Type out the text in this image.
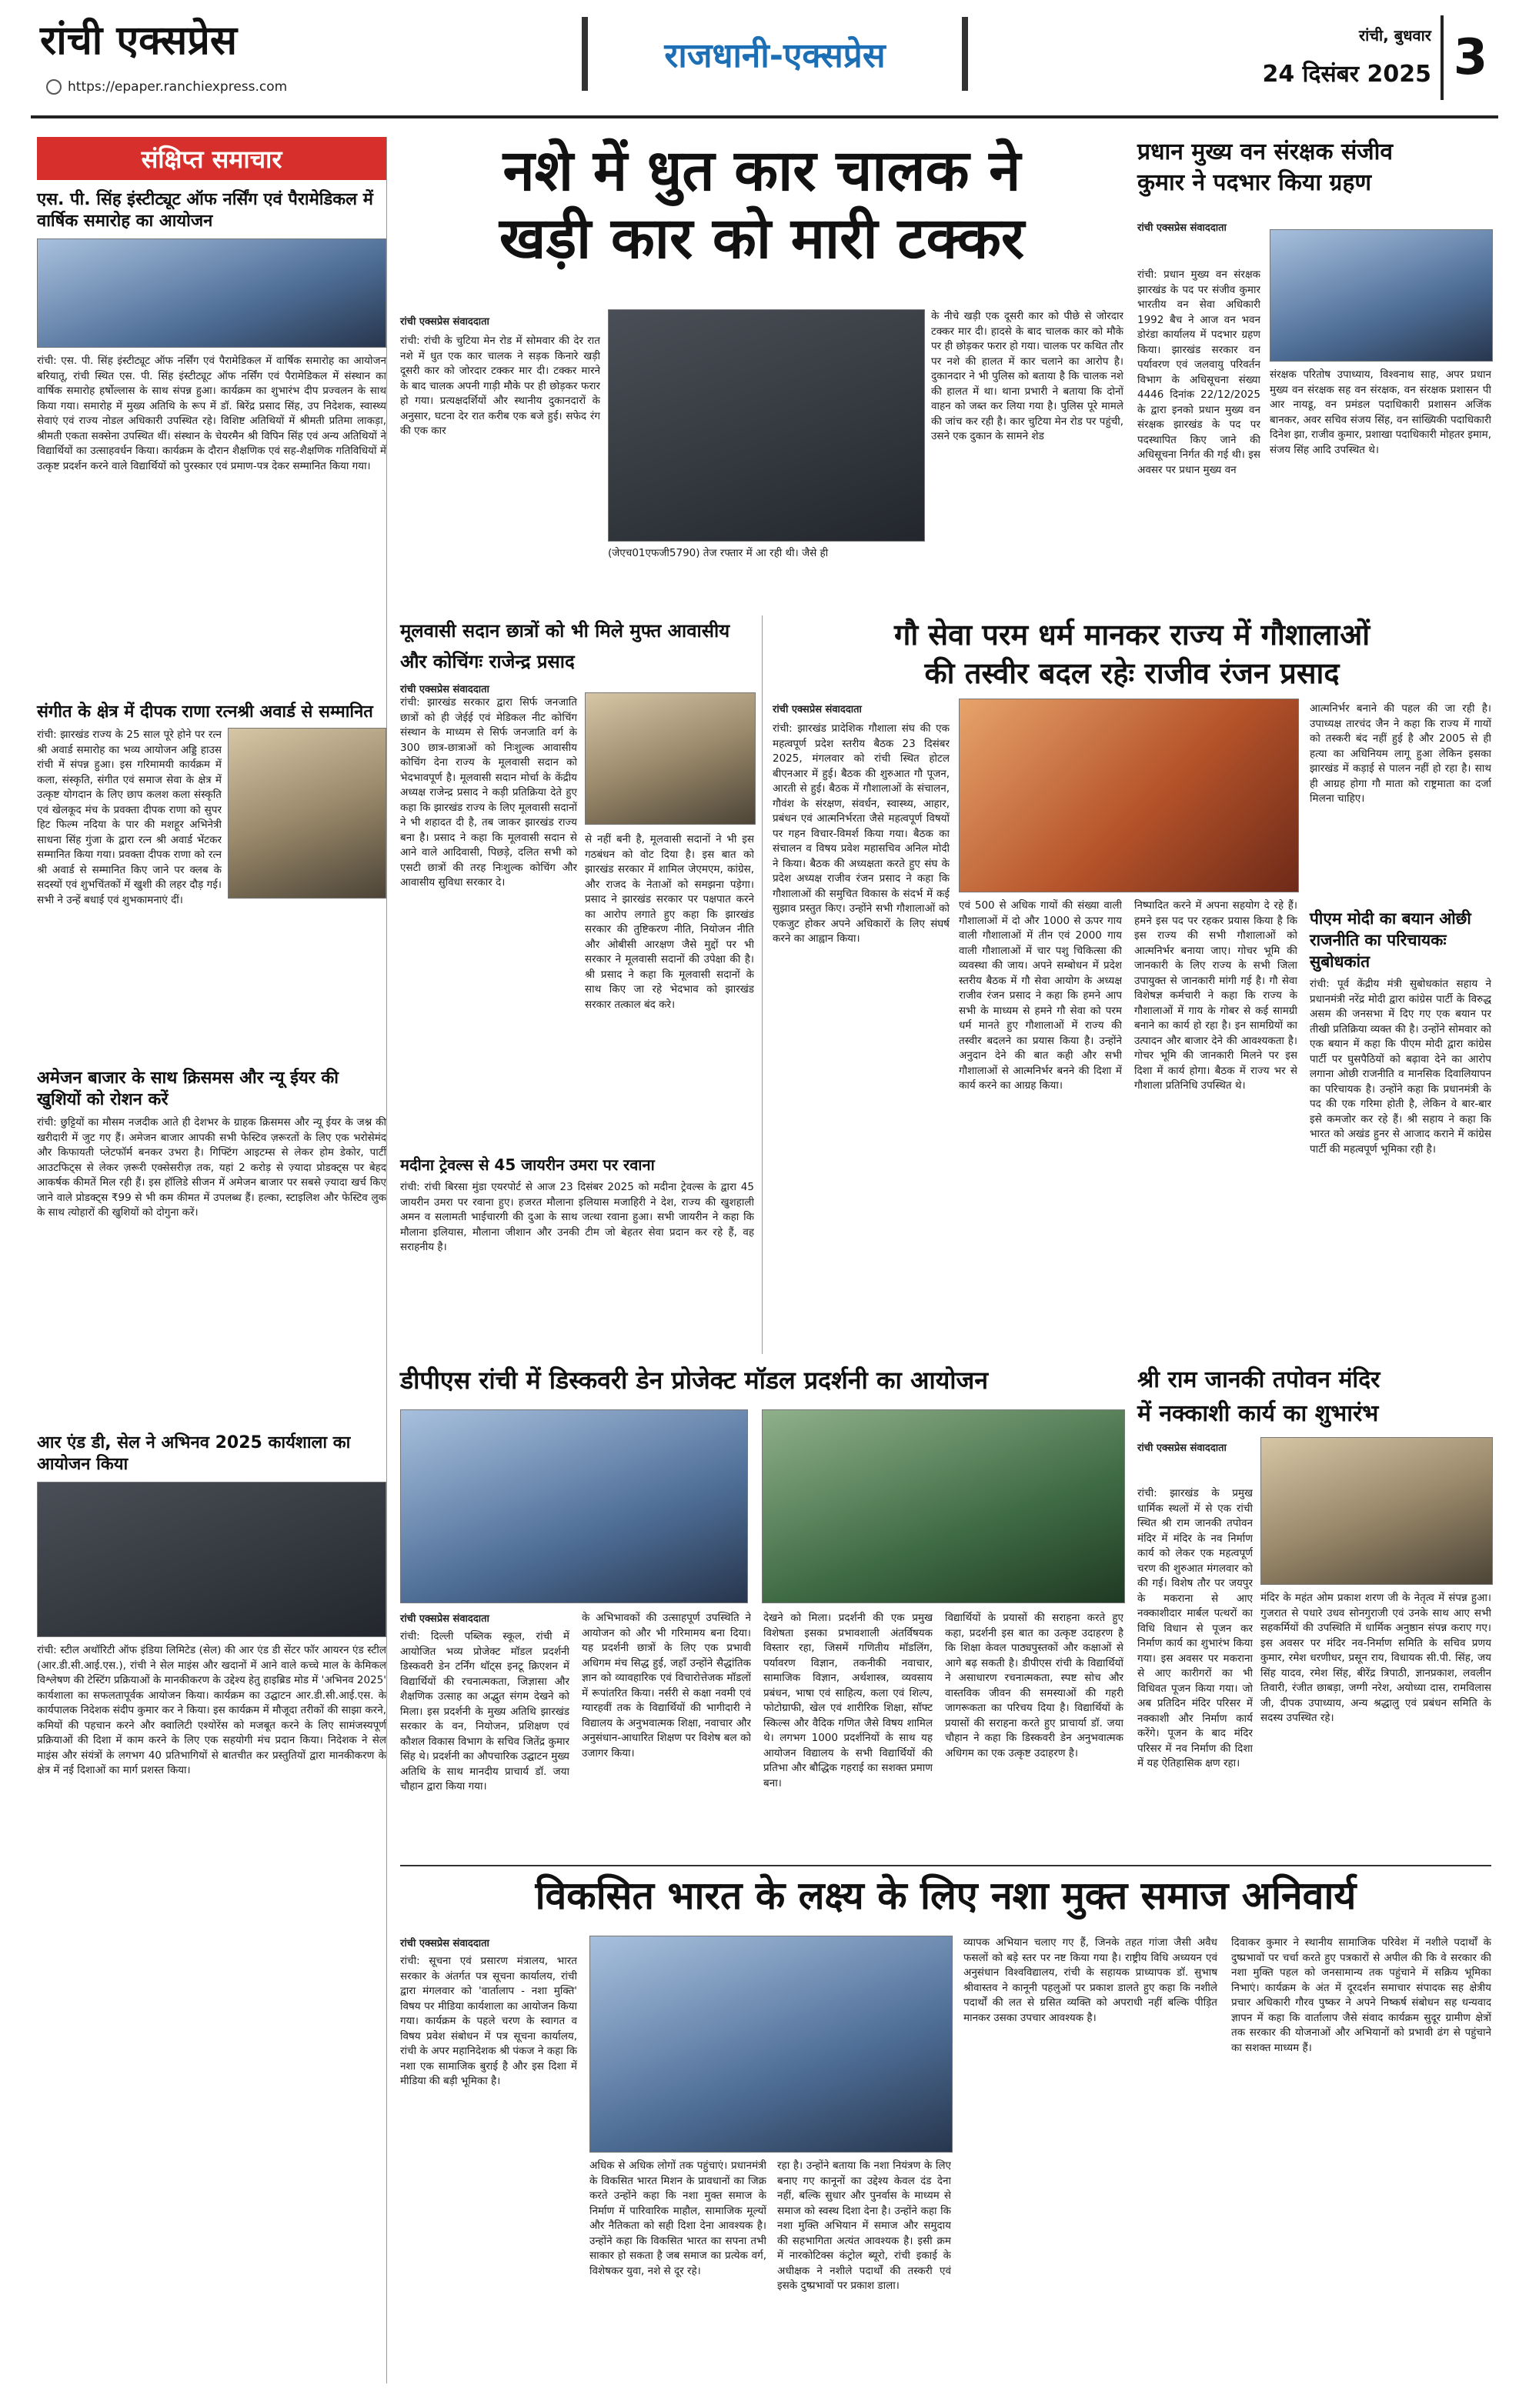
रांची एक्सप्रेस
https://epaper.ranchiexpress.com
राजधानी-एक्सप्रेस
रांची, बुधवार
24 दिसंबर 2025 3
संक्षिप्त समाचार
एस. पी. सिंह इंस्टीट्यूट ऑफ नर्सिंग एवं पैरामेडिकल में वार्षिक समारोह का आयोजन

रांची: एस. पी. सिंह इंस्टीट्यूट ऑफ नर्सिंग एवं पैरामेडिकल में वार्षिक समारोह का आयोजन बरियातू, रांची स्थित एस. पी. सिंह इंस्टीट्यूट ऑफ नर्सिंग एवं पैरामेडिकल में संस्थान का वार्षिक समारोह हर्षोल्लास के साथ संपन्न हुआ। कार्यक्रम का शुभारंभ दीप प्रज्वलन के साथ किया गया। समारोह में मुख्य अतिथि के रूप में डॉ. बिरेंद्र प्रसाद सिंह, उप निदेशक, स्वास्थ्य सेवाएं एवं राज्य नोडल अधिकारी उपस्थित रहे। विशिष्ट अतिथियों में श्रीमती प्रतिमा लाकड़ा, श्रीमती एकता सक्सेना उपस्थित थीं। संस्थान के चेयरमैन श्री विपिन सिंह एवं अन्य अतिथियों ने विद्यार्थियों का उत्साहवर्धन किया। कार्यक्रम के दौरान शैक्षणिक एवं सह-शैक्षणिक गतिविधियों में उत्कृष्ट प्रदर्शन करने वाले विद्यार्थियों को पुरस्कार एवं प्रमाण-पत्र देकर सम्मानित किया गया।

संगीत के क्षेत्र में दीपक राणा रत्नश्री अवार्ड से सम्मानित

रांची: झारखंड राज्य के 25 साल पूरे होने पर रत्न श्री अवार्ड समारोह का भव्य आयोजन अड्डि हाउस रांची में संपन्न हुआ। इस गरिमामयी कार्यक्रम में कला, संस्कृति, संगीत एवं समाज सेवा के क्षेत्र में उत्कृष्ट योगदान के लिए छाप कलश कला संस्कृति एवं खेलकूद मंच के प्रवक्ता दीपक राणा को सुपर हिट फिल्म नदिया के पार की मशहूर अभिनेत्री साधना सिंह गुंजा के द्वारा रत्न श्री अवार्ड भेंटकर सम्मानित किया गया। प्रवक्ता दीपक राणा को रत्न श्री अवार्ड से सम्मानित किए जाने पर क्लब के सदस्यों एवं शुभचिंतकों में खुशी की लहर दौड़ गई। सभी ने उन्हें बधाई एवं शुभकामनाएं दीं।

अमेजन बाजार के साथ क्रिसमस और न्यू ईयर की खुशियों को रोशन करें

रांची: छुट्टियों का मौसम नजदीक आते ही देशभर के ग्राहक क्रिसमस और न्यू ईयर के जश्न की खरीदारी में जुट गए हैं। अमेजन बाजार आपकी सभी फेस्टिव ज़रूरतों के लिए एक भरोसेमंद और किफायती प्लेटफॉर्म बनकर उभरा है। गिफ्टिंग आइटम्स से लेकर होम डेकोर, पार्टी आउटफिट्स से लेकर ज़रूरी एक्सेसरीज़ तक, यहां 2 करोड़ से ज़्यादा प्रोडक्ट्स पर बेहद आकर्षक कीमतें मिल रही हैं। इस हॉलिडे सीजन में अमेजन बाजार पर सबसे ज़्यादा खर्च किए जाने वाले प्रोडक्ट्स ₹99 से भी कम कीमत में उपलब्ध हैं। हल्का, स्टाइलिश और फेस्टिव लुक के साथ त्योहारों की खुशियों को दोगुना करें।

आर एंड डी, सेल ने अभिनव 2025 कार्यशाला का आयोजन किया

रांची: स्टील अथॉरिटी ऑफ इंडिया लिमिटेड (सेल) की आर एंड डी सेंटर फॉर आयरन एंड स्टील (आर.डी.सी.आई.एस.), रांची ने सेल माइंस और खदानों में आने वाले कच्चे माल के केमिकल विश्लेषण की टेस्टिंग प्रक्रियाओं के मानकीकरण के उद्देश्य हेतु हाइब्रिड मोड में 'अभिनव 2025' कार्यशाला का सफलतापूर्वक आयोजन किया। कार्यक्रम का उद्घाटन आर.डी.सी.आई.एस. के कार्यपालक निदेशक संदीप कुमार कर ने किया। इस कार्यक्रम में मौजूदा तरीकों की साझा करने, कमियों की पहचान करने और क्वालिटी एश्योरेंस को मजबूत करने के लिए सामंजस्यपूर्ण प्रक्रियाओं की दिशा में काम करने के लिए एक सहयोगी मंच प्रदान किया। निदेशक ने सेल माइंस और संयंत्रों के लगभग 40 प्रतिभागियों से बातचीत कर प्रस्तुतियों द्वारा मानकीकरण के क्षेत्र में नई दिशाओं का मार्ग प्रशस्त किया।

नशे में धुत कार चालक ने
खड़ी कार को मारी टक्कर

रांची एक्सप्रेस संवाददाता

रांची: रांची के चुटिया मेन रोड में सोमवार की देर रात नशे में धुत एक कार चालक ने सड़क किनारे खड़ी दूसरी कार को जोरदार टक्कर मार दी। टक्कर मारने के बाद चालक अपनी गाड़ी मौके पर ही छोड़कर फरार हो गया। प्रत्यक्षदर्शियों और स्थानीय दुकानदारों के अनुसार, घटना देर रात करीब एक बजे हुई। सफेद रंग की एक कार

(जेएच01एफजी5790) तेज रफ्तार में आ रही थी। जैसे ही

के नीचे खड़ी एक दूसरी कार को पीछे से जोरदार टक्कर मार दी। हादसे के बाद चालक कार को मौके पर ही छोड़कर फरार हो गया। चालक पर कथित तौर पर नशे की हालत में कार चलाने का आरोप है। दुकानदार ने भी पुलिस को बताया है कि चालक नशे की हालत में था। थाना प्रभारी ने बताया कि दोनों वाहन को जब्त कर लिया गया है। पुलिस पूरे मामले की जांच कर रही है। कार चुटिया मेन रोड पर पहुंची, उसने एक दुकान के सामने शेड

प्रधान मुख्य वन संरक्षक संजीव
कुमार ने पदभार किया ग्रहण

रांची एक्सप्रेस संवाददाता

रांची: प्रधान मुख्य वन संरक्षक झारखंड के पद पर संजीव कुमार भारतीय वन सेवा अधिकारी 1992 बैच ने आज वन भवन डोरंडा कार्यालय में पदभार ग्रहण किया। झारखंड सरकार वन पर्यावरण एवं जलवायु परिवर्तन विभाग के अधिसूचना संख्या 4446 दिनांक 22/12/2025 के द्वारा इनको प्रधान मुख्य वन संरक्षक झारखंड के पद पर पदस्थापित किए जाने की अधिसूचना निर्गत की गई थी। इस अवसर पर प्रधान मुख्य वन

संरक्षक परितोष उपाध्याय, विश्वनाथ साह, अपर प्रधान मुख्य वन संरक्षक सह वन संरक्षक, वन संरक्षक प्रशासन पी आर नायडू, वन प्रमंडल पदाधिकारी प्रशासन अजिंक बानकर, अवर सचिव संजय सिंह, वन सांख्यिकी पदाधिकारी दिनेश झा, राजीव कुमार, प्रशाखा पदाधिकारी मोहतर इमाम, संजय सिंह आदि उपस्थित थे।

मूलवासी सदान छात्रों को भी मिले मुफ्त आवासीय और कोचिंगः राजेन्द्र प्रसाद

रांची एक्सप्रेस संवाददाता

रांची: झारखंड सरकार द्वारा सिर्फ जनजाति छात्रों को ही जेईई एवं मेडिकल नीट कोचिंग संस्थान के माध्यम से सिर्फ जनजाति वर्ग के 300 छात्र-छात्राओं को निःशुल्क आवासीय कोचिंग देना राज्य के मूलवासी सदान को भेदभावपूर्ण है। मूलवासी सदान मोर्चा के केंद्रीय अध्यक्ष राजेन्द्र प्रसाद ने कड़ी प्रतिक्रिया देते हुए कहा कि झारखंड राज्य के लिए मूलवासी सदानों ने भी शहादत दी है, तब जाकर झारखंड राज्य बना है। प्रसाद ने कहा कि मूलवासी सदान से आने वाले आदिवासी, पिछड़े, दलित सभी को एसटी छात्रों की तरह निःशुल्क कोचिंग और आवासीय सुविधा सरकार दे।

से नहीं बनी है, मूलवासी सदानों ने भी इस गठबंधन को वोट दिया है। इस बात को झारखंड सरकार में शामिल जेएमएम, कांग्रेस, और राजद के नेताओं को समझना पड़ेगा। प्रसाद ने झारखंड सरकार पर पक्षपात करने का आरोप लगाते हुए कहा कि झारखंड सरकार की तुष्टिकरण नीति, नियोजन नीति और ओबीसी आरक्षण जैसे मुद्दों पर भी सरकार ने मूलवासी सदानों की उपेक्षा की है। श्री प्रसाद ने कहा कि मूलवासी सदानों के साथ किए जा रहे भेदभाव को झारखंड सरकार तत्काल बंद करे।

मदीना ट्रेवल्स से 45 जायरीन उमरा पर रवाना

रांची: रांची बिरसा मुंडा एयरपोर्ट से आज 23 दिसंबर 2025 को मदीना ट्रेवल्स के द्वारा 45 जायरीन उमरा पर रवाना हुए। हजरत मौलाना इलियास मजाहिरी ने देश, राज्य की खुशहाली अमन व सलामती भाईचारगी की दुआ के साथ जत्था रवाना हुआ। सभी जायरीन ने कहा कि मौलाना इलियास, मौलाना जीशान और उनकी टीम जो बेहतर सेवा प्रदान कर रहे हैं, वह सराहनीय है।

गौ सेवा परम धर्म मानकर राज्य में गौशालाओं
की तस्वीर बदल रहेः राजीव रंजन प्रसाद

रांची एक्सप्रेस संवाददाता

रांची: झारखंड प्रादेशिक गौशाला संघ की एक महत्वपूर्ण प्रदेश स्तरीय बैठक 23 दिसंबर 2025, मंगलवार को रांची स्थित होटल बीएनआर में हुई। बैठक की शुरुआत गौ पूजन, आरती से हुई। बैठक में गौशालाओं के संचालन, गौवंश के संरक्षण, संवर्धन, स्वास्थ्य, आहार, प्रबंधन एवं आत्मनिर्भरता जैसे महत्वपूर्ण विषयों पर गहन विचार-विमर्श किया गया। बैठक का संचालन व विषय प्रवेश महासचिव अनिल मोदी ने किया। बैठक की अध्यक्षता करते हुए संघ के प्रदेश अध्यक्ष राजीव रंजन प्रसाद ने कहा कि गौशालाओं की समुचित विकास के संदर्भ में कई सुझाव प्रस्तुत किए। उन्होंने सभी गौशालाओं को एकजुट होकर अपने अधिकारों के लिए संघर्ष करने का आह्वान किया।

एवं 500 से अधिक गायों की संख्या वाली गौशालाओं में दो और 1000 से ऊपर गाय वाली गौशालाओं में तीन एवं 2000 गाय वाली गौशालाओं में चार पशु चिकित्सा की व्यवस्था की जाय। अपने सम्बोधन में प्रदेश स्तरीय बैठक में गौ सेवा आयोग के अध्यक्ष राजीव रंजन प्रसाद ने कहा कि हमने आप सभी के माध्यम से हमने गौ सेवा को परम धर्म मानते हुए गौशालाओं में राज्य की तस्वीर बदलने का प्रयास किया है। उन्होंने अनुदान देने की बात कही और सभी गौशालाओं से आत्मनिर्भर बनने की दिशा में कार्य करने का आग्रह किया।

निष्पादित करने में अपना सहयोग दे रहे हैं। हमने इस पद पर रहकर प्रयास किया है कि इस राज्य की सभी गौशालाओं को आत्मनिर्भर बनाया जाए। गोचर भूमि की जानकारी के लिए राज्य के सभी जिला उपायुक्त से जानकारी मांगी गई है। गौ सेवा विशेषज्ञ कर्मचारी ने कहा कि राज्य के गौशालाओं में गाय के गोबर से कई सामग्री बनाने का कार्य हो रहा है। इन सामग्रियों का उत्पादन और बाजार देने की आवश्यकता है। गोचर भूमि की जानकारी मिलने पर इस दिशा में कार्य होगा। बैठक में राज्य भर से गौशाला प्रतिनिधि उपस्थित थे।

आत्मनिर्भर बनाने की पहल की जा रही है। उपाध्यक्ष तारचंद जैन ने कहा कि राज्य में गायों को तस्करी बंद नहीं हुई है और 2005 से ही हत्या का अधिनियम लागू हुआ लेकिन इसका झारखंड में कड़ाई से पालन नहीं हो रहा है। साथ ही आग्रह होगा गौ माता को राष्ट्रमाता का दर्जा मिलना चाहिए।

पीएम मोदी का बयान ओछी राजनीति का परिचायकः सुबोधकांत

रांची: पूर्व केंद्रीय मंत्री सुबोधकांत सहाय ने प्रधानमंत्री नरेंद्र मोदी द्वारा कांग्रेस पार्टी के विरुद्ध असम की जनसभा में दिए गए एक बयान पर तीखी प्रतिक्रिया व्यक्त की है। उन्होंने सोमवार को एक बयान में कहा कि पीएम मोदी द्वारा कांग्रेस पार्टी पर घुसपैठियों को बढ़ावा देने का आरोप लगाना ओछी राजनीति व मानसिक दिवालियापन का परिचायक है। उन्होंने कहा कि प्रधानमंत्री के पद की एक गरिमा होती है, लेकिन वे बार-बार इसे कमजोर कर रहे हैं। श्री सहाय ने कहा कि भारत को अखंड हुनर से आजाद कराने में कांग्रेस पार्टी की महत्वपूर्ण भूमिका रही है।

डीपीएस रांची में डिस्कवरी डेन प्रोजेक्ट मॉडल प्रदर्शनी का आयोजन

रांची एक्सप्रेस संवाददाता

रांची: दिल्ली पब्लिक स्कूल, रांची में आयोजित भव्य प्रोजेक्ट मॉडल प्रदर्शनी डिस्कवरी डेन टर्निंग थॉट्स इनटू क्रिएशन में विद्यार्थियों की रचनात्मकता, जिज्ञासा और शैक्षणिक उत्साह का अद्भुत संगम देखने को मिला। इस प्रदर्शनी के मुख्य अतिथि झारखंड सरकार के वन, नियोजन, प्रशिक्षण एवं कौशल विकास विभाग के सचिव जितेंद्र कुमार सिंह थे। प्रदर्शनी का औपचारिक उद्घाटन मुख्य अतिथि के साथ मानदीय प्राचार्य डॉ. जया चौहान द्वारा किया गया।

के अभिभावकों की उत्साहपूर्ण उपस्थिति ने आयोजन को और भी गरिमामय बना दिया। यह प्रदर्शनी छात्रों के लिए एक प्रभावी अधिगम मंच सिद्ध हुई, जहाँ उन्होंने सैद्धांतिक ज्ञान को व्यावहारिक एवं विचारोत्तेजक मॉडलों में रूपांतरित किया। नर्सरी से कक्षा नवमी एवं ग्यारहवीं तक के विद्यार्थियों की भागीदारी ने विद्यालय के अनुभवात्मक शिक्षा, नवाचार और अनुसंधान-आधारित शिक्षण पर विशेष बल को उजागर किया।

देखने को मिला। प्रदर्शनी की एक प्रमुख विशेषता इसका प्रभावशाली अंतर्विषयक विस्तार रहा, जिसमें गणितीय मॉडलिंग, पर्यावरण विज्ञान, तकनीकी नवाचार, सामाजिक विज्ञान, अर्थशास्त्र, व्यवसाय प्रबंधन, भाषा एवं साहित्य, कला एवं शिल्प, फोटोग्राफी, खेल एवं शारीरिक शिक्षा, सॉफ्ट स्किल्स और वैदिक गणित जैसे विषय शामिल थे। लगभग 1000 प्रदर्शनियों के साथ यह आयोजन विद्यालय के सभी विद्यार्थियों की प्रतिभा और बौद्धिक गहराई का सशक्त प्रमाण बना।

विद्यार्थियों के प्रयासों की सराहना करते हुए कहा, प्रदर्शनी इस बात का उत्कृष्ट उदाहरण है कि शिक्षा केवल पाठ्यपुस्तकों और कक्षाओं से आगे बढ़ सकती है। डीपीएस रांची के विद्यार्थियों ने असाधारण रचनात्मकता, स्पष्ट सोच और वास्तविक जीवन की समस्याओं की गहरी जागरूकता का परिचय दिया है। विद्यार्थियों के प्रयासों की सराहना करते हुए प्राचार्या डॉ. जया चौहान ने कहा कि डिस्कवरी डेन अनुभवात्मक अधिगम का एक उत्कृष्ट उदाहरण है।

श्री राम जानकी तपोवन मंदिर
में नक्काशी कार्य का शुभारंभ

रांची एक्सप्रेस संवाददाता

रांची: झारखंड के प्रमुख धार्मिक स्थलों में से एक रांची स्थित श्री राम जानकी तपोवन मंदिर में मंदिर के नव निर्माण कार्य को लेकर एक महत्वपूर्ण चरण की शुरुआत मंगलवार को की गई। विशेष तौर पर जयपुर के मकराना से आए नक्काशीदार मार्बल पत्थरों का विधि विधान से पूजन कर निर्माण कार्य का शुभारंभ किया गया। इस अवसर पर मकराना से आए कारीगरों का भी विधिवत पूजन किया गया। जो अब प्रतिदिन मंदिर परिसर में नक्काशी और निर्माण कार्य करेंगे। पूजन के बाद मंदिर परिसर में नव निर्माण की दिशा में यह ऐतिहासिक क्षण रहा।

मंदिर के महंत ओम प्रकाश शरण जी के नेतृत्व में संपन्न हुआ। गुजरात से पधारे उधव सोनगुराजी एवं उनके साथ आए सभी सहकर्मियों की उपस्थिति में धार्मिक अनुष्ठान संपन्न कराए गए। इस अवसर पर मंदिर नव-निर्माण समिति के सचिव प्रणय कुमार, रमेश धरणीधर, प्रसून राय, विधायक सी.पी. सिंह, जय सिंह यादव, रमेश सिंह, बीरेंद्र त्रिपाठी, ज्ञानप्रकाश, लवलीन तिवारी, रंजीत छाबड़ा, जग्गी नरेश, अयोध्या दास, रामविलास जी, दीपक उपाध्याय, अन्य श्रद्धालु एवं प्रबंधन समिति के सदस्य उपस्थित रहे।

विकसित भारत के लक्ष्य के लिए नशा मुक्त समाज अनिवार्य

रांची एक्सप्रेस संवाददाता

रांची: सूचना एवं प्रसारण मंत्रालय, भारत सरकार के अंतर्गत पत्र सूचना कार्यालय, रांची द्वारा मंगलवार को 'वार्तालाप - नशा मुक्ति' विषय पर मीडिया कार्यशाला का आयोजन किया गया। कार्यक्रम के पहले चरण के स्वागत व विषय प्रवेश संबोधन में पत्र सूचना कार्यालय, रांची के अपर महानिदेशक श्री पंकज ने कहा कि नशा एक सामाजिक बुराई है और इस दिशा में मीडिया की बड़ी भूमिका है।

अधिक से अधिक लोगों तक पहुंचाएं। प्रधानमंत्री के विकसित भारत मिशन के प्रावधानों का जिक्र करते उन्होंने कहा कि नशा मुक्त समाज के निर्माण में पारिवारिक माहौल, सामाजिक मूल्यों और नैतिकता को सही दिशा देना आवश्यक है। उन्होंने कहा कि विकसित भारत का सपना तभी साकार हो सकता है जब समाज का प्रत्येक वर्ग, विशेषकर युवा, नशे से दूर रहे।

रहा है। उन्होंने बताया कि नशा नियंत्रण के लिए बनाए गए कानूनों का उद्देश्य केवल दंड देना नहीं, बल्कि सुधार और पुनर्वास के माध्यम से समाज को स्वस्थ दिशा देना है। उन्होंने कहा कि नशा मुक्ति अभियान में समाज और समुदाय की सहभागिता अत्यंत आवश्यक है। इसी क्रम में नारकोटिक्स कंट्रोल ब्यूरो, रांची इकाई के अधीक्षक ने नशीले पदार्थों की तस्करी एवं इसके दुष्प्रभावों पर प्रकाश डाला।

व्यापक अभियान चलाए गए हैं, जिनके तहत गांजा जैसी अवैध फसलों को बड़े स्तर पर नष्ट किया गया है। राष्ट्रीय विधि अध्ययन एवं अनुसंधान विश्वविद्यालय, रांची के सहायक प्राध्यापक डॉ. सुभाष श्रीवास्तव ने कानूनी पहलुओं पर प्रकाश डालते हुए कहा कि नशीले पदार्थों की लत से ग्रसित व्यक्ति को अपराधी नहीं बल्कि पीड़ित मानकर उसका उपचार आवश्यक है।

दिवाकर कुमार ने स्थानीय सामाजिक परिवेश में नशीले पदार्थों के दुष्प्रभावों पर चर्चा करते हुए पत्रकारों से अपील की कि वे सरकार की नशा मुक्ति पहल को जनसामान्य तक पहुंचाने में सक्रिय भूमिका निभाएं। कार्यक्रम के अंत में दूरदर्शन समाचार संपादक सह क्षेत्रीय प्रचार अधिकारी गौरव पुष्कर ने अपने निष्कर्ष संबोधन सह धन्यवाद ज्ञापन में कहा कि वार्तालाप जैसे संवाद कार्यक्रम सुदूर ग्रामीण क्षेत्रों तक सरकार की योजनाओं और अभियानों को प्रभावी ढंग से पहुंचाने का सशक्त माध्यम हैं।
